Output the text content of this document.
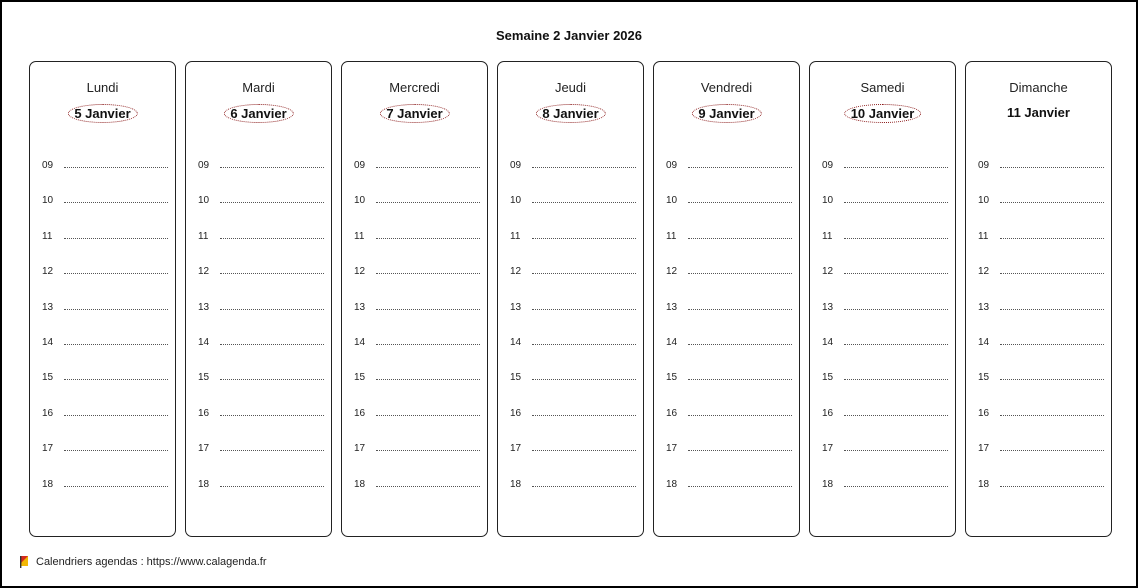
Semaine 2 Janvier 2026
Lundi
5 Janvier
09
10
11
12
13
14
15
16
17
18
Mardi
6 Janvier
09
10
11
12
13
14
15
16
17
18
Mercredi
7 Janvier
09
10
11
12
13
14
15
16
17
18
Jeudi
8 Janvier
09
10
11
12
13
14
15
16
17
18
Vendredi
9 Janvier
09
10
11
12
13
14
15
16
17
18
Samedi
10 Janvier
09
10
11
12
13
14
15
16
17
18
Dimanche
11 Janvier
09
10
11
12
13
14
15
16
17
18
Calendriers agendas : https://www.calagenda.fr
